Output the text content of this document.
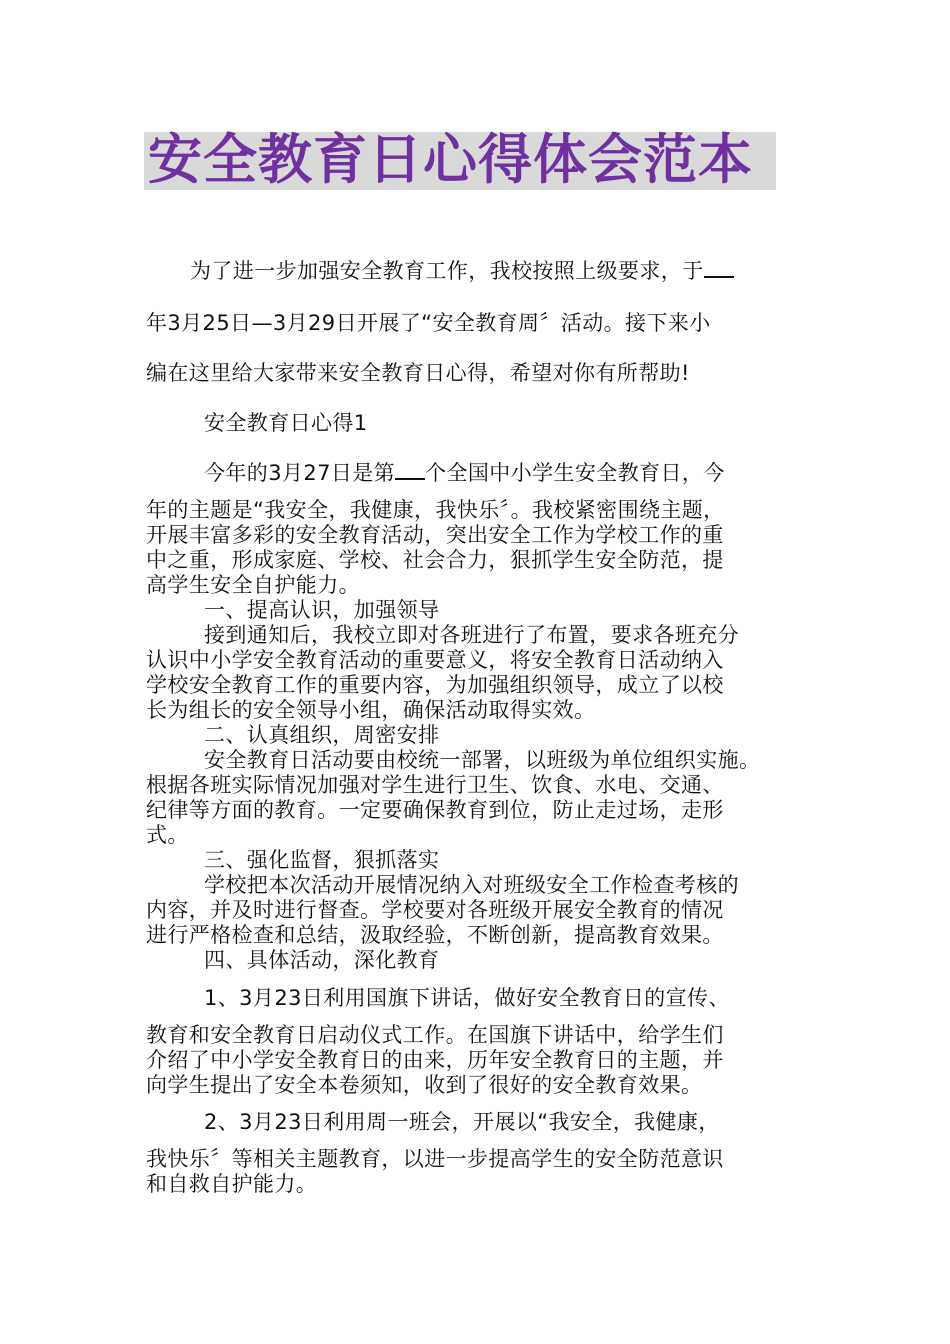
安全教育日心得体会范本
为了进一步加强安全教育工作，我校按照上级要求，于
年3月25日—3月29日开展了“安全教育周〞活动。接下来小
编在这里给大家带来安全教育日心得，希望对你有所帮助!
安全教育日心得1
今年的3月27日是第 个全国中小学生安全教育日，今
年的主题是“我安全，我健康，我快乐〞。我校紧密围绕主题，
开展丰富多彩的安全教育活动，突出安全工作为学校工作的重
中之重，形成家庭、学校、社会合力，狠抓学生安全防范，提
高学生安全自护能力。
一、提高认识，加强领导
接到通知后，我校立即对各班进行了布置，要求各班充分
认识中小学安全教育活动的重要意义，将安全教育日活动纳入
学校安全教育工作的重要内容，为加强组织领导，成立了以校
长为组长的安全领导小组，确保活动取得实效。
二、认真组织，周密安排
安全教育日活动要由校统一部署，以班级为单位组织实施。
根据各班实际情况加强对学生进行卫生、饮食、水电、交通、
纪律等方面的教育。一定要确保教育到位，防止走过场，走形
式。
三、强化监督，狠抓落实
学校把本次活动开展情况纳入对班级安全工作检查考核的
内容，并及时进行督查。学校要对各班级开展安全教育的情况
进行严格检查和总结，汲取经验，不断创新，提高教育效果。
四、具体活动，深化教育
1、3月23日利用国旗下讲话，做好安全教育日的宣传、
教育和安全教育日启动仪式工作。在国旗下讲话中，给学生们
介绍了中小学安全教育日的由来，历年安全教育日的主题，并
向学生提出了安全本卷须知，收到了很好的安全教育效果。
2、3月23日利用周一班会，开展以“我安全，我健康，
我快乐〞等相关主题教育，以进一步提高学生的安全防范意识
和自救自护能力。
